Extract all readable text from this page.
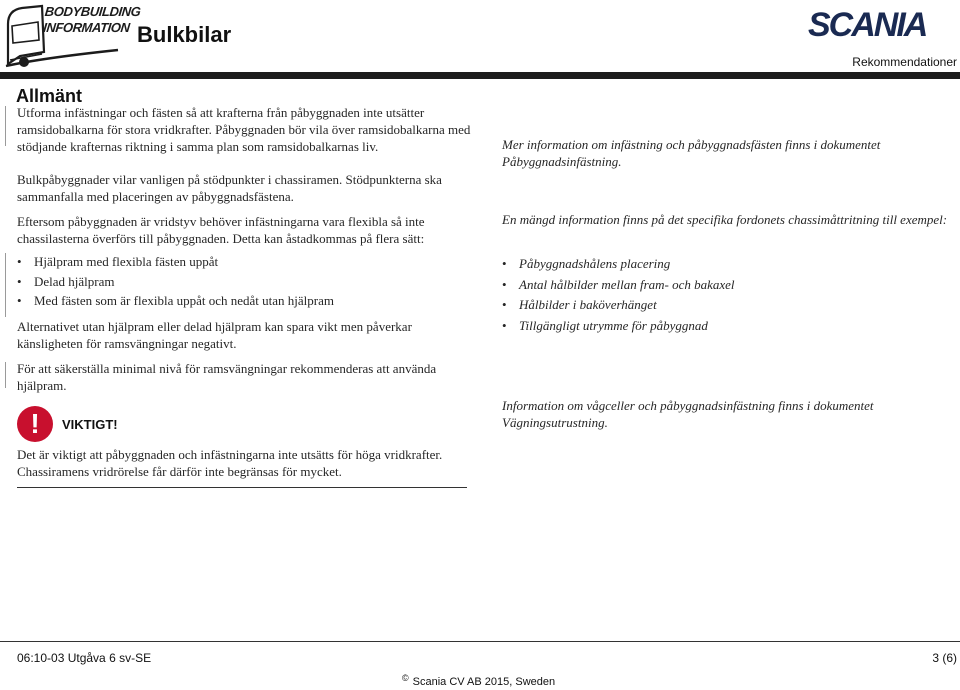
BODYBUILDING
INFORMATION Bulkbilar	SCANIA
Rekommendationer
Allmänt

Utforma infästningar och fästen så att krafterna från påbyggnaden inte utsätter ramsidobalkarna för stora vridkrafter. Påbyggnaden bör vila över ramsidobalkarna med stödjande krafternas riktning i samma plan som ramsidobalkarnas liv.

Bulkpåbyggnader vilar vanligen på stödpunkter i chassiramen. Stödpunkterna ska sammanfalla med placeringen av påbyggnadsfästena.

Eftersom påbyggnaden är vridstyv behöver infästningarna vara flexibla så inte chassilasterna överförs till påbyggnaden. Detta kan åstadkommas på flera sätt:

• Hjälpram med flexibla fästen uppåt
• Delad hjälpram
• Med fästen som är flexibla uppåt och nedåt utan hjälpram

Alternativet utan hjälpram eller delad hjälpram kan spara vikt men påverkar känsligheten för ramsvängningar negativt.

För att säkerställa minimal nivå för ramsvängningar rekommenderas att använda hjälpram.

!	VIKTIGT!

Det är viktigt att påbyggnaden och infästningarna inte utsätts för höga vridkrafter. Chassiramens vridrörelse får därför inte begränsas för mycket.

Mer information om infästning och påbyggnadsfästen finns i dokumentet Påbyggnadsinfästning.

En mängd information finns på det specifika fordonets chassimåttritning till exempel:

• Påbyggnadshålens placering
• Antal hålbilder mellan fram- och bakaxel
• Hålbilder i baköverhänget
• Tillgängligt utrymme för påbyggnad

Information om vågceller och påbyggnadsinfästning finns i dokumentet Vägningsutrustning.

06:10-03 Utgåva 6 sv-SE	3 (6)
© Scania CV AB 2015, Sweden
